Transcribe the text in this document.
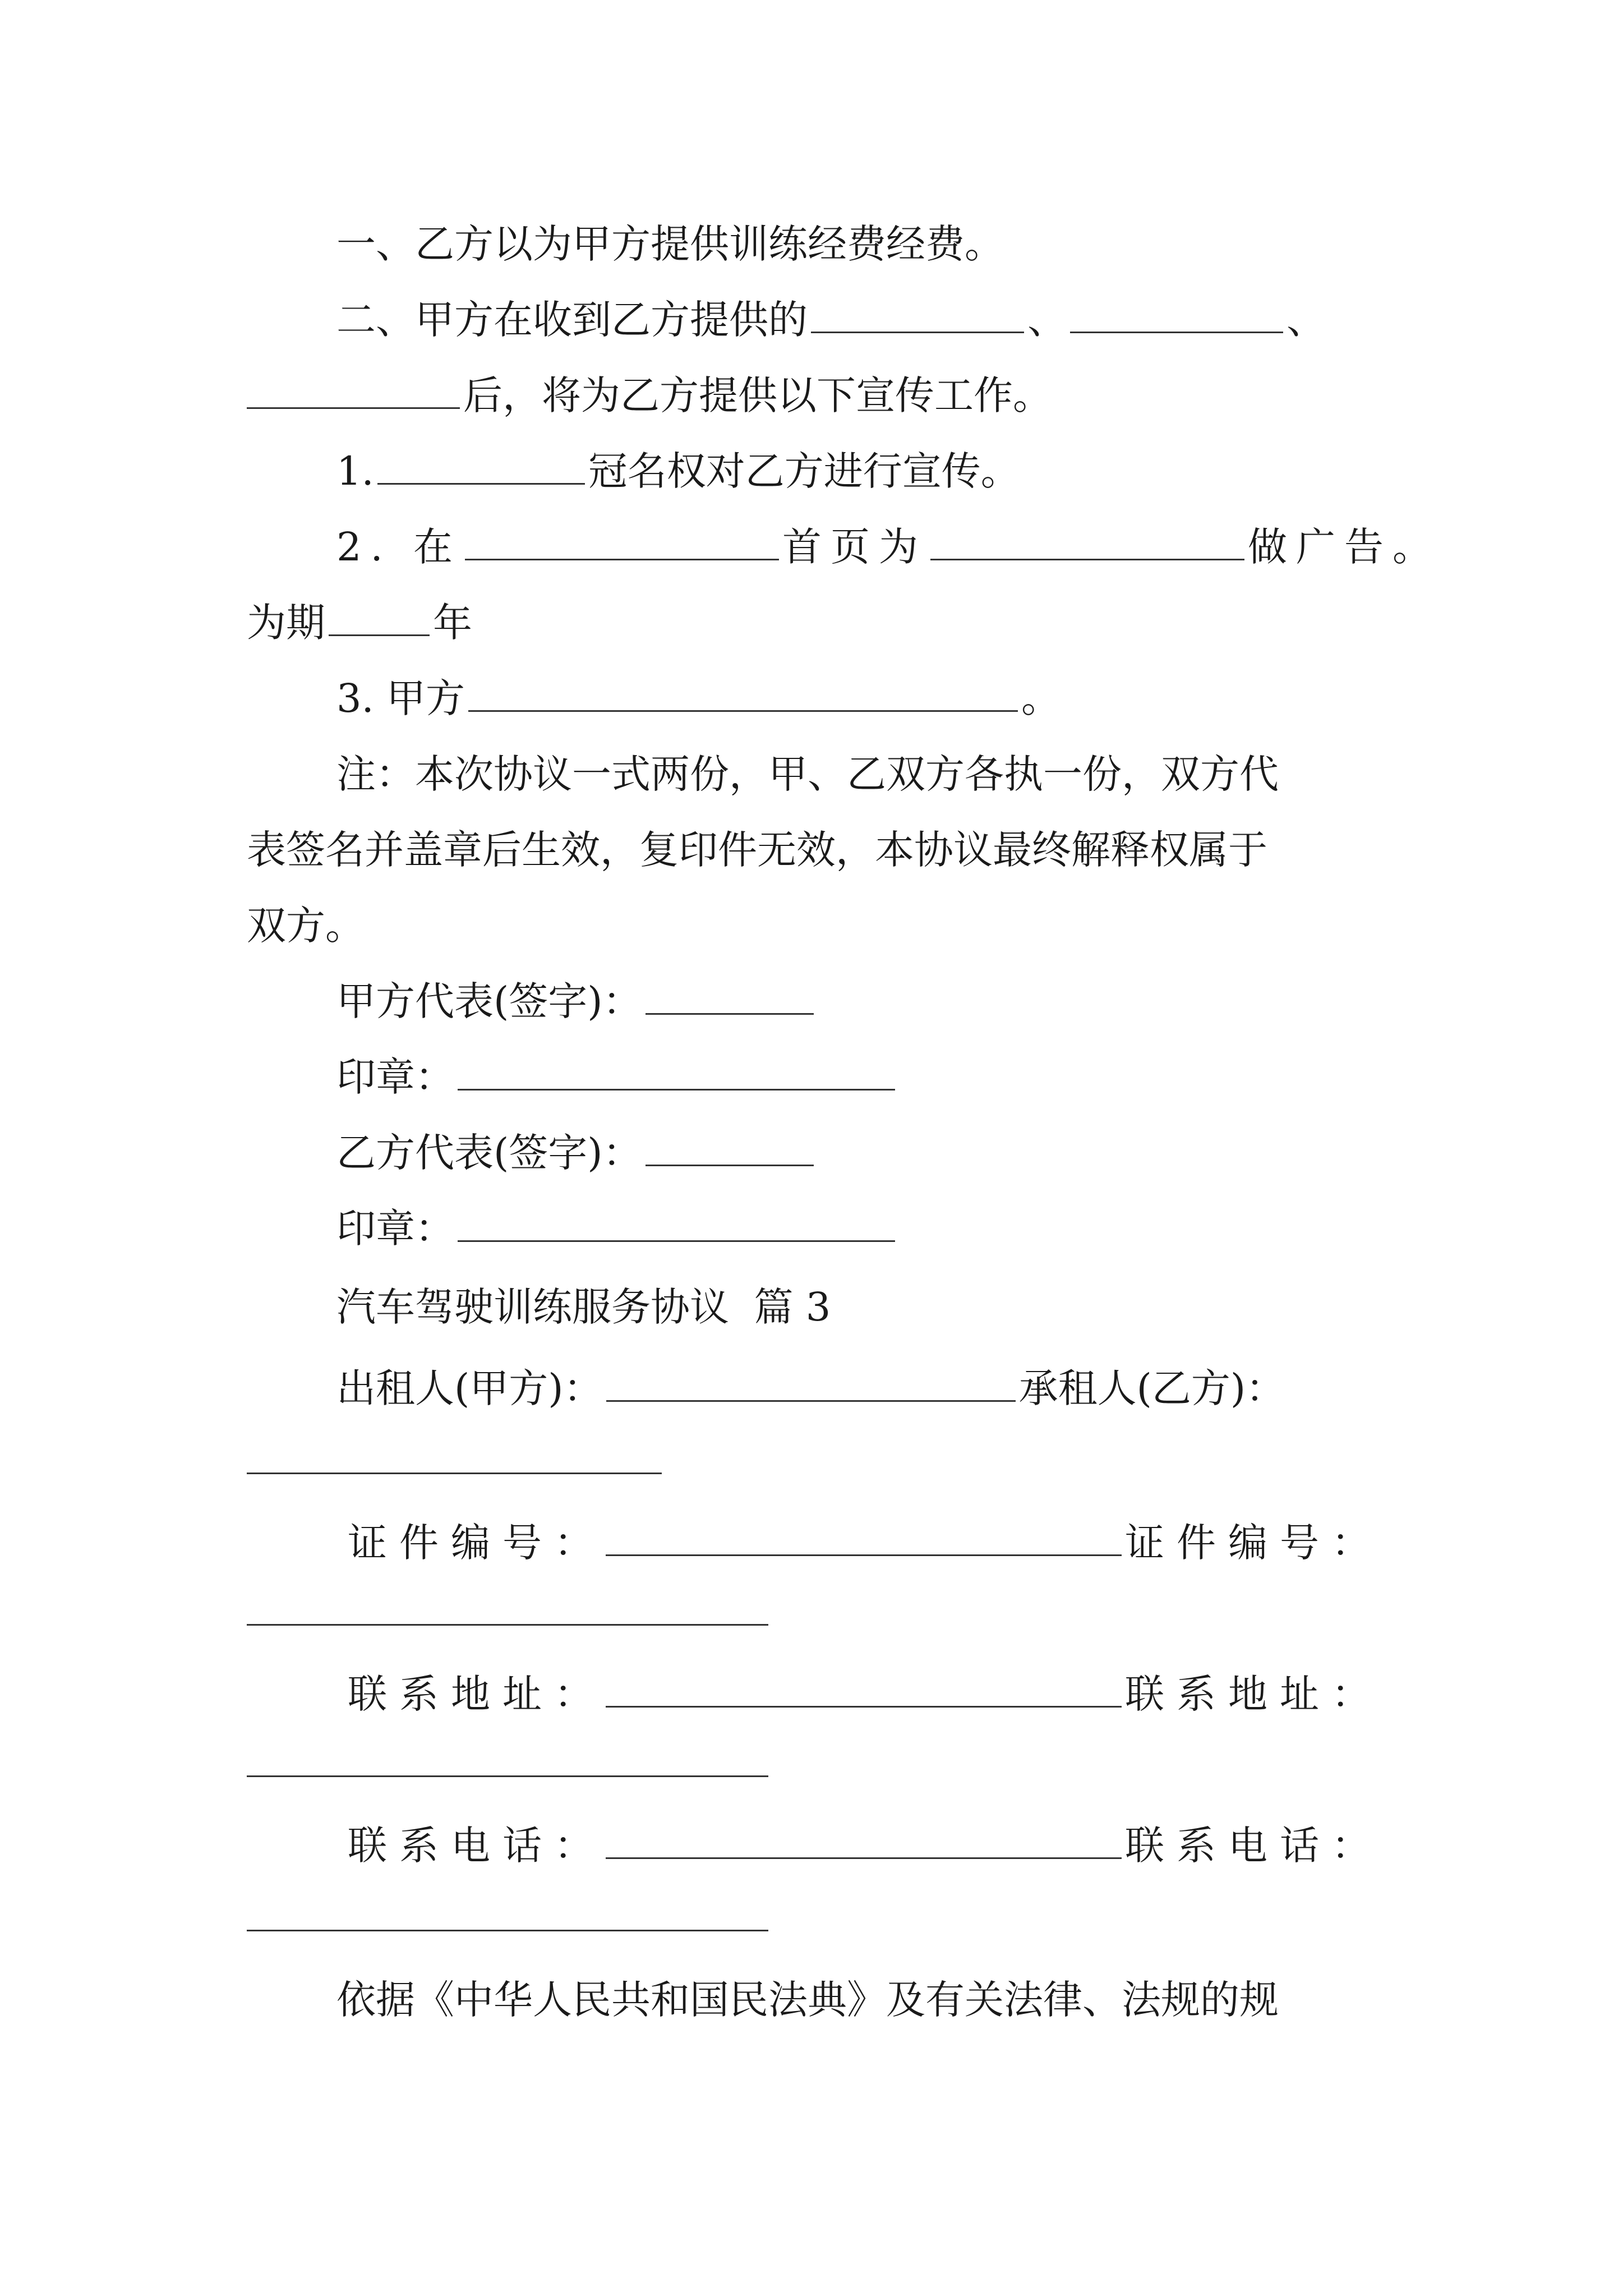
一、乙方以为甲方提供训练经费经费。
二、甲方在收到乙方提供的	、	、
后，将为乙方提供以下宣传工作。
1.	冠名权对乙方进行宣传。
2. 在	首页为	做广告。
为期	年
3. 甲方	。
注：本次协议一式两份，甲、乙双方各执一份，双方代
表签名并盖章后生效，复印件无效，本协议最终解释权属于
双方。
甲方代表(签字)：
印章：
乙方代表(签字)：
印章：
汽车驾驶训练服务协议  篇 3
出租人(甲方)：	承租人(乙方)：
证件编号：	证件编号：
联系地址：	联系地址：
联系电话：	联系电话：
依据《中华人民共和国民法典》及有关法律、法规的规
